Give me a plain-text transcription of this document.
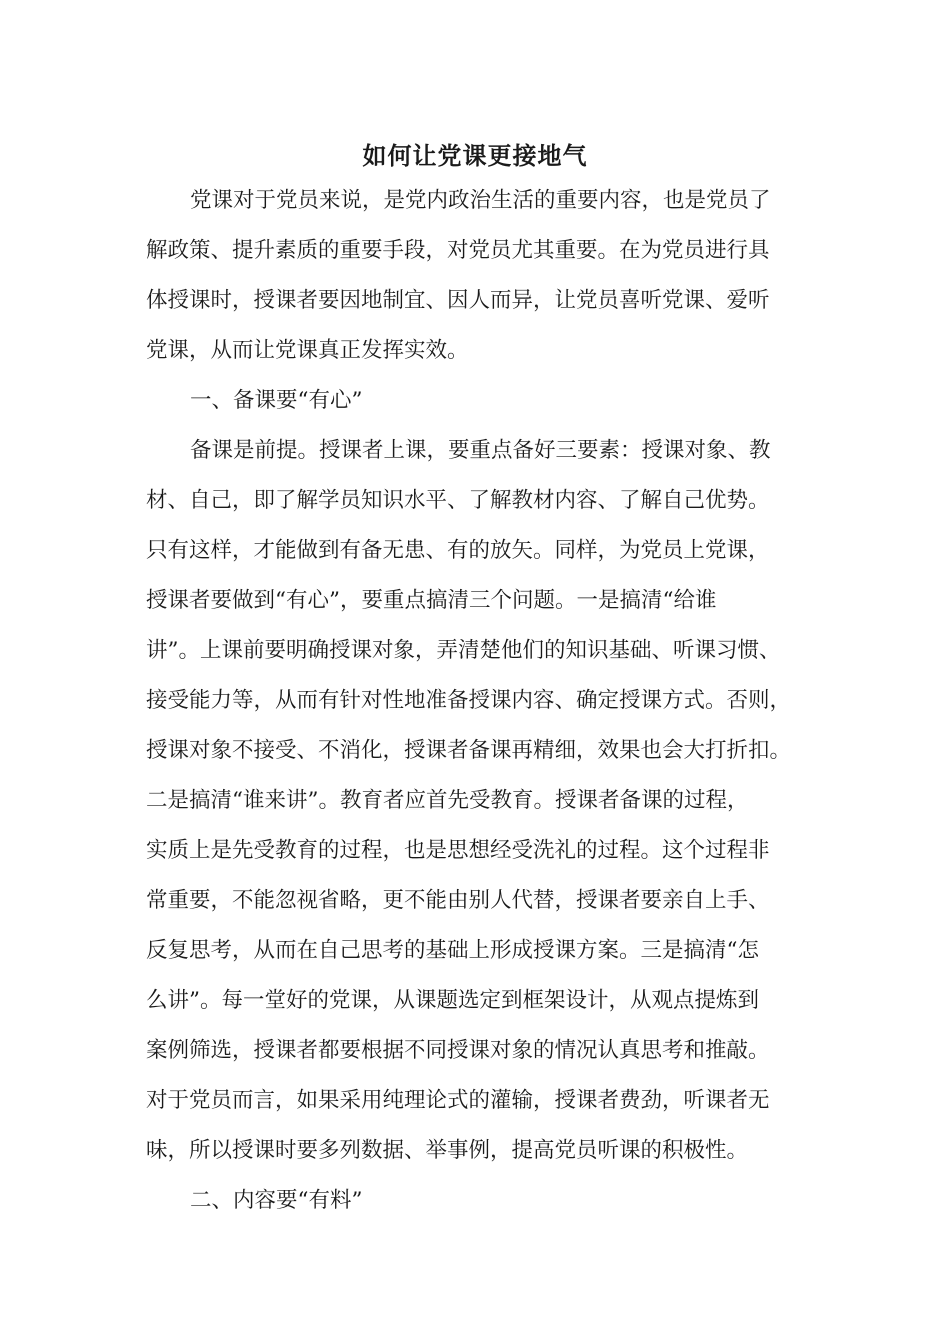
如何让党课更接地气

党课对于党员来说，是党内政治生活的重要内容，也是党员了

解政策、提升素质的重要手段，对党员尤其重要。在为党员进行具

体授课时，授课者要因地制宜、因人而异，让党员喜听党课、爱听

党课，从而让党课真正发挥实效。

一、备课要“有心”

备课是前提。授课者上课，要重点备好三要素：授课对象、教

材、自己，即了解学员知识水平、了解教材内容、了解自己优势。

只有这样，才能做到有备无患、有的放矢。同样，为党员上党课，

授课者要做到“有心”，要重点搞清三个问题。一是搞清“给谁

讲”。上课前要明确授课对象，弄清楚他们的知识基础、听课习惯、

接受能力等，从而有针对性地准备授课内容、确定授课方式。否则，

授课对象不接受、不消化，授课者备课再精细，效果也会大打折扣。

二是搞清“谁来讲”。教育者应首先受教育。授课者备课的过程，

实质上是先受教育的过程，也是思想经受洗礼的过程。这个过程非

常重要，不能忽视省略，更不能由别人代替，授课者要亲自上手、

反复思考，从而在自己思考的基础上形成授课方案。三是搞清“怎

么讲”。每一堂好的党课，从课题选定到框架设计，从观点提炼到

案例筛选，授课者都要根据不同授课对象的情况认真思考和推敲。

对于党员而言，如果采用纯理论式的灌输，授课者费劲，听课者无

味，所以授课时要多列数据、举事例，提高党员听课的积极性。

二、内容要“有料”
